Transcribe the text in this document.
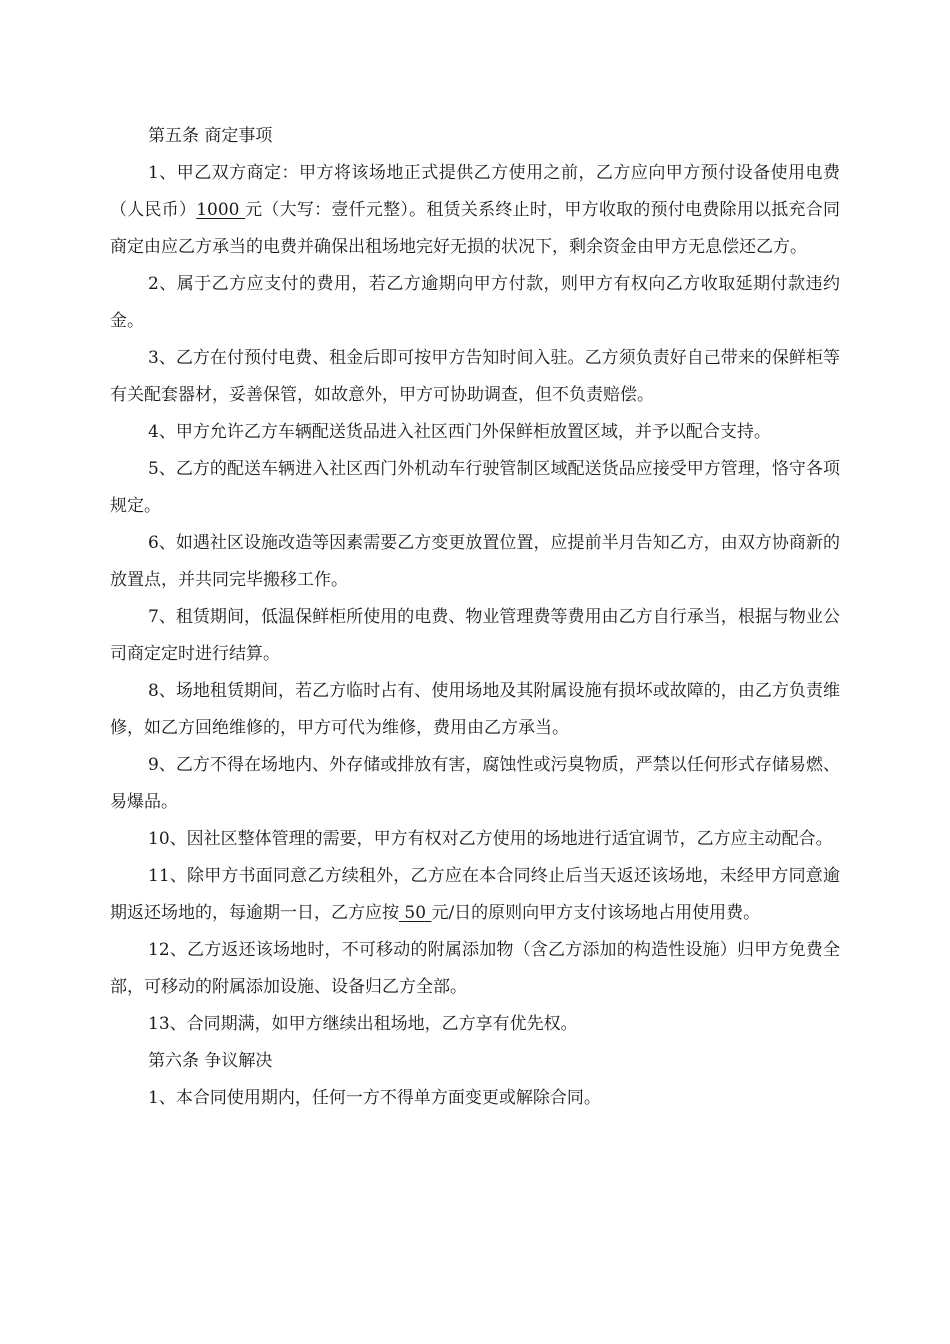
第五条 商定事项

1、甲乙双方商定：甲方将该场地正式提供乙方使用之前，乙方应向甲方预付设备使用电费（人民币）1000 元（大写：壹仟元整）。租赁关系终止时，甲方收取的预付电费除用以抵充合同商定由应乙方承当的电费并确保出租场地完好无损的状况下，剩余资金由甲方无息偿还乙方。

2、属于乙方应支付的费用，若乙方逾期向甲方付款，则甲方有权向乙方收取延期付款违约金。

3、乙方在付预付电费、租金后即可按甲方告知时间入驻。乙方须负责好自己带来的保鲜柜等有关配套器材，妥善保管，如故意外，甲方可协助调查，但不负责赔偿。

4、甲方允许乙方车辆配送货品进入社区西门外保鲜柜放置区域，并予以配合支持。

5、乙方的配送车辆进入社区西门外机动车行驶管制区域配送货品应接受甲方管理，恪守各项规定。

6、如遇社区设施改造等因素需要乙方变更放置位置，应提前半月告知乙方，由双方协商新的放置点，并共同完毕搬移工作。

7、租赁期间，低温保鲜柜所使用的电费、物业管理费等费用由乙方自行承当，根据与物业公司商定定时进行结算。

8、场地租赁期间，若乙方临时占有、使用场地及其附属设施有损坏或故障的，由乙方负责维修，如乙方回绝维修的，甲方可代为维修，费用由乙方承当。

9、乙方不得在场地内、外存储或排放有害，腐蚀性或污臭物质，严禁以任何形式存储易燃、易爆品。

10、因社区整体管理的需要，甲方有权对乙方使用的场地进行适宜调节，乙方应主动配合。

11、除甲方书面同意乙方续租外，乙方应在本合同终止后当天返还该场地，未经甲方同意逾期返还场地的，每逾期一日，乙方应按 50 元/日的原则向甲方支付该场地占用使用费。

12、乙方返还该场地时，不可移动的附属添加物（含乙方添加的构造性设施）归甲方免费全部，可移动的附属添加设施、设备归乙方全部。

13、合同期满，如甲方继续出租场地，乙方享有优先权。

第六条 争议解决

1、本合同使用期内，任何一方不得单方面变更或解除合同。
